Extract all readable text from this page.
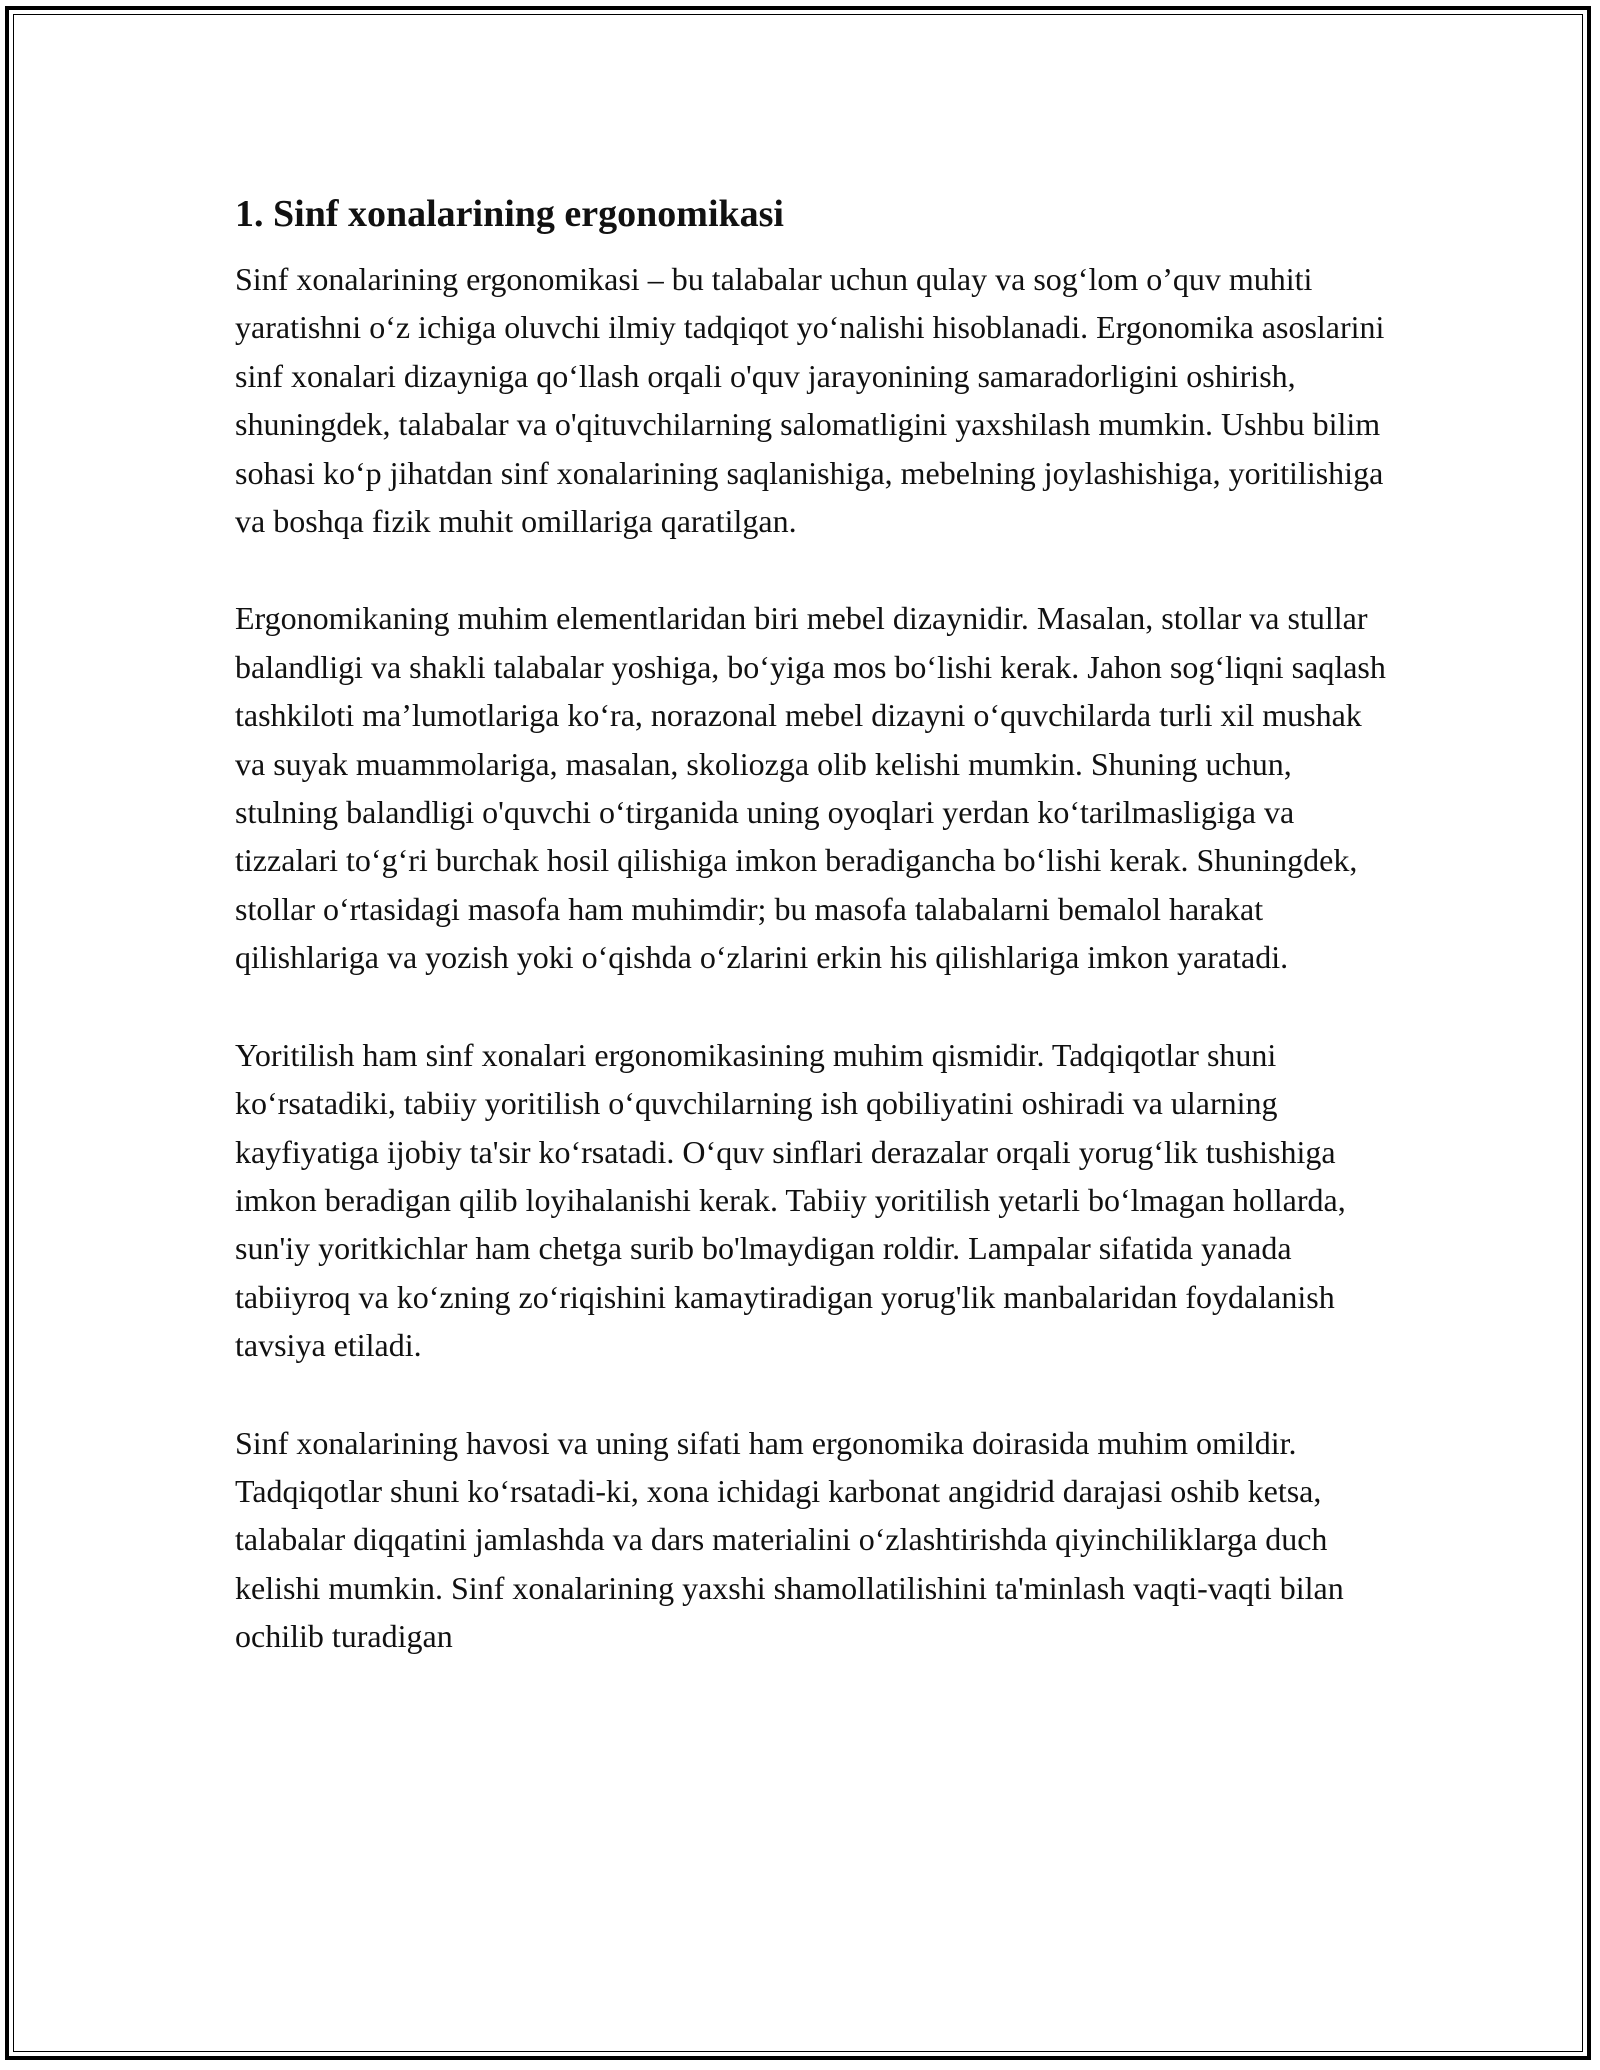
1. Sinf xonalarining ergonomikasi

Sinf xonalarining ergonomikasi – bu talabalar uchun qulay va sog‘lom o’quv muhiti yaratishni o‘z ichiga oluvchi ilmiy tadqiqot yo‘nalishi hisoblanadi. Ergonomika asoslarini sinf xonalari dizayniga qo‘llash orqali o'quv jarayonining samaradorligini oshirish, shuningdek, talabalar va o'qituvchilarning salomatligini yaxshilash mumkin. Ushbu bilim sohasi ko‘p jihatdan sinf xonalarining saqlanishiga, mebelning joylashishiga, yoritilishiga va boshqa fizik muhit omillariga qaratilgan.

Ergonomikaning muhim elementlaridan biri mebel dizaynidir. Masalan, stollar va stullar balandligi va shakli talabalar yoshiga, bo‘yiga mos bo‘lishi kerak. Jahon sog‘liqni saqlash tashkiloti ma’lumotlariga ko‘ra, norazonal mebel dizayni o‘quvchilarda turli xil mushak va suyak muammolariga, masalan, skoliozga olib kelishi mumkin. Shuning uchun, stulning balandligi o'quvchi o‘tirganida uning oyoqlari yerdan ko‘tarilmasligiga va tizzalari to‘g‘ri burchak hosil qilishiga imkon beradigancha bo‘lishi kerak. Shuningdek, stollar o‘rtasidagi masofa ham muhimdir; bu masofa talabalarni bemalol harakat qilishlariga va yozish yoki o‘qishda o‘zlarini erkin his qilishlariga imkon yaratadi.

Yoritilish ham sinf xonalari ergonomikasining muhim qismidir. Tadqiqotlar shuni ko‘rsatadiki, tabiiy yoritilish o‘quvchilarning ish qobiliyatini oshiradi va ularning kayfiyatiga ijobiy ta'sir ko‘rsatadi. O‘quv sinflari derazalar orqali yorug‘lik tushishiga imkon beradigan qilib loyihalanishi kerak. Tabiiy yoritilish yetarli bo‘lmagan hollarda, sun'iy yoritkichlar ham chetga surib bo'lmaydigan roldir. Lampalar sifatida yanada tabiiyroq va ko‘zning zo‘riqishini kamaytiradigan yorug'lik manbalaridan foydalanish tavsiya etiladi.

Sinf xonalarining havosi va uning sifati ham ergonomika doirasida muhim omildir. Tadqiqotlar shuni ko‘rsatadi-ki, xona ichidagi karbonat angidrid darajasi oshib ketsa, talabalar diqqatini jamlashda va dars materialini o‘zlashtirishda qiyinchiliklarga duch kelishi mumkin. Sinf xonalarining yaxshi shamollatilishini ta'minlash vaqti-vaqti bilan ochilib turadigan
